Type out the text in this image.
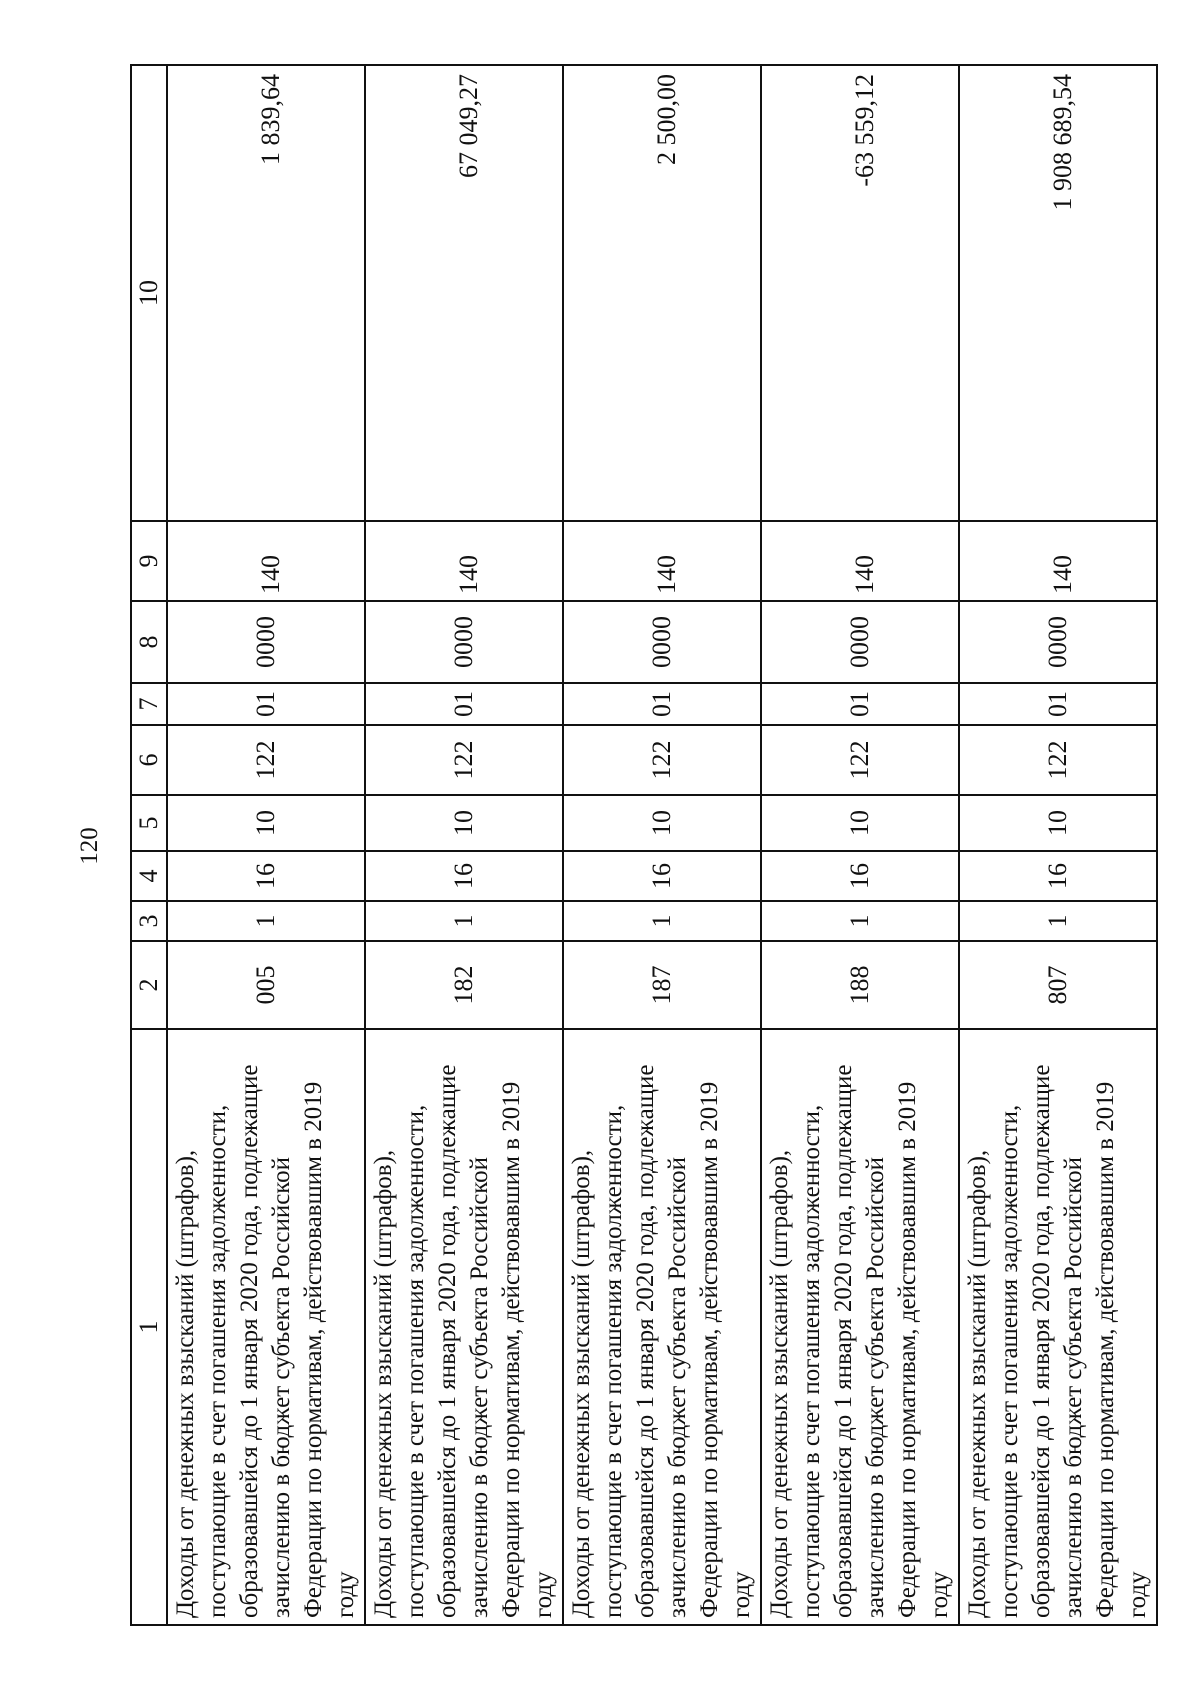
120
1	2	3	4	5	6	7	8	9	10
Доходы от денежных взысканий (штрафов), поступающие в счет погашения задолженности, образовавшейся до 1 января 2020 года, подлежащие зачислению в бюджет субъекта Российской Федерации по нормативам, действовавшим в 2019 году	005	1	16	10	122	01	0000	140	1 839,64
Доходы от денежных взысканий (штрафов), поступающие в счет погашения задолженности, образовавшейся до 1 января 2020 года, подлежащие зачислению в бюджет субъекта Российской Федерации по нормативам, действовавшим в 2019 году	182	1	16	10	122	01	0000	140	67 049,27
Доходы от денежных взысканий (штрафов), поступающие в счет погашения задолженности, образовавшейся до 1 января 2020 года, подлежащие зачислению в бюджет субъекта Российской Федерации по нормативам, действовавшим в 2019 году	187	1	16	10	122	01	0000	140	2 500,00
Доходы от денежных взысканий (штрафов), поступающие в счет погашения задолженности, образовавшейся до 1 января 2020 года, подлежащие зачислению в бюджет субъекта Российской Федерации по нормативам, действовавшим в 2019 году	188	1	16	10	122	01	0000	140	-63 559,12
Доходы от денежных взысканий (штрафов), поступающие в счет погашения задолженности, образовавшейся до 1 января 2020 года, подлежащие зачислению в бюджет субъекта Российской Федерации по нормативам, действовавшим в 2019 году	807	1	16	10	122	01	0000	140	1 908 689,54
